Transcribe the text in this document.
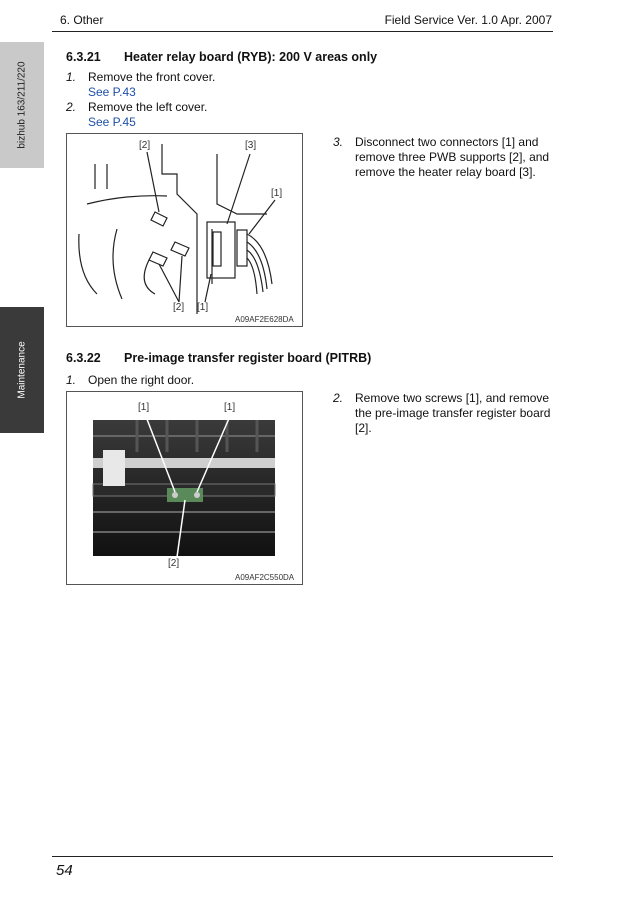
6. Other	Field Service Ver. 1.0 Apr. 2007
bizhub 163/211/220
Maintenance
6.3.21 Heater relay board (RYB): 200 V areas only
1. Remove the front cover.
See P.43
2. Remove the left cover.
See P.45
3. Disconnect two connectors [1] and
remove three PWB supports [2], and
remove the heater relay board [3].
[2]	[3]
[1]
[2] [1]
A09AF2E628DA
6.3.22 Pre-image transfer register board (PITRB)
1. Open the right door.
2. Remove two screws [1], and remove
the pre-image transfer register board
[2].
[1]	[1]
[2]
A09AF2C550DA
54
